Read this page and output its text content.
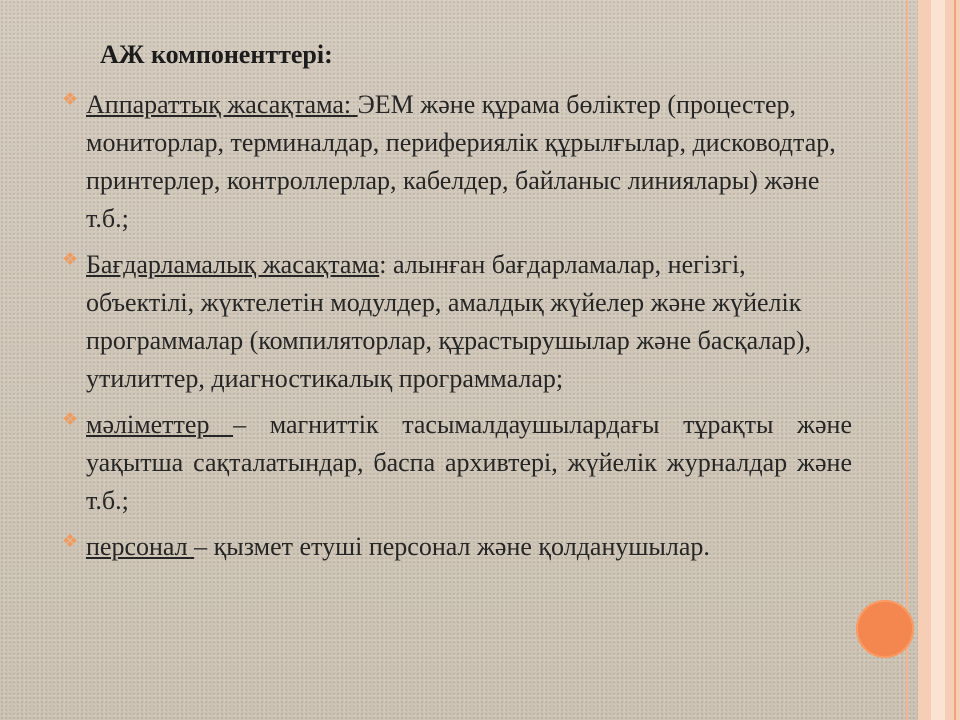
АЖ компоненттері:
❖ Аппараттық жасақтама: ЭЕМ және құрама бөліктер (процестер, мониторлар, терминалдар, перифериялік құрылғылар, дисководтар, принтерлер, контроллерлар, кабелдер, байланыс линиялары) және т.б.;
❖ Бағдарламалық жасақтама: алынған бағдарламалар, негізгі, объектілі, жүктелетін модулдер, амалдық жүйелер және жүйелік программалар (компиляторлар, құрастырушылар және басқалар), утилиттер, диагностикалық программалар;
❖ мәліметтер – магниттік тасымалдаушылардағы тұрақты және уақытша сақталатындар, баспа архивтері, жүйелік журналдар және т.б.;
❖ персонал – қызмет етуші персонал және қолданушылар.
